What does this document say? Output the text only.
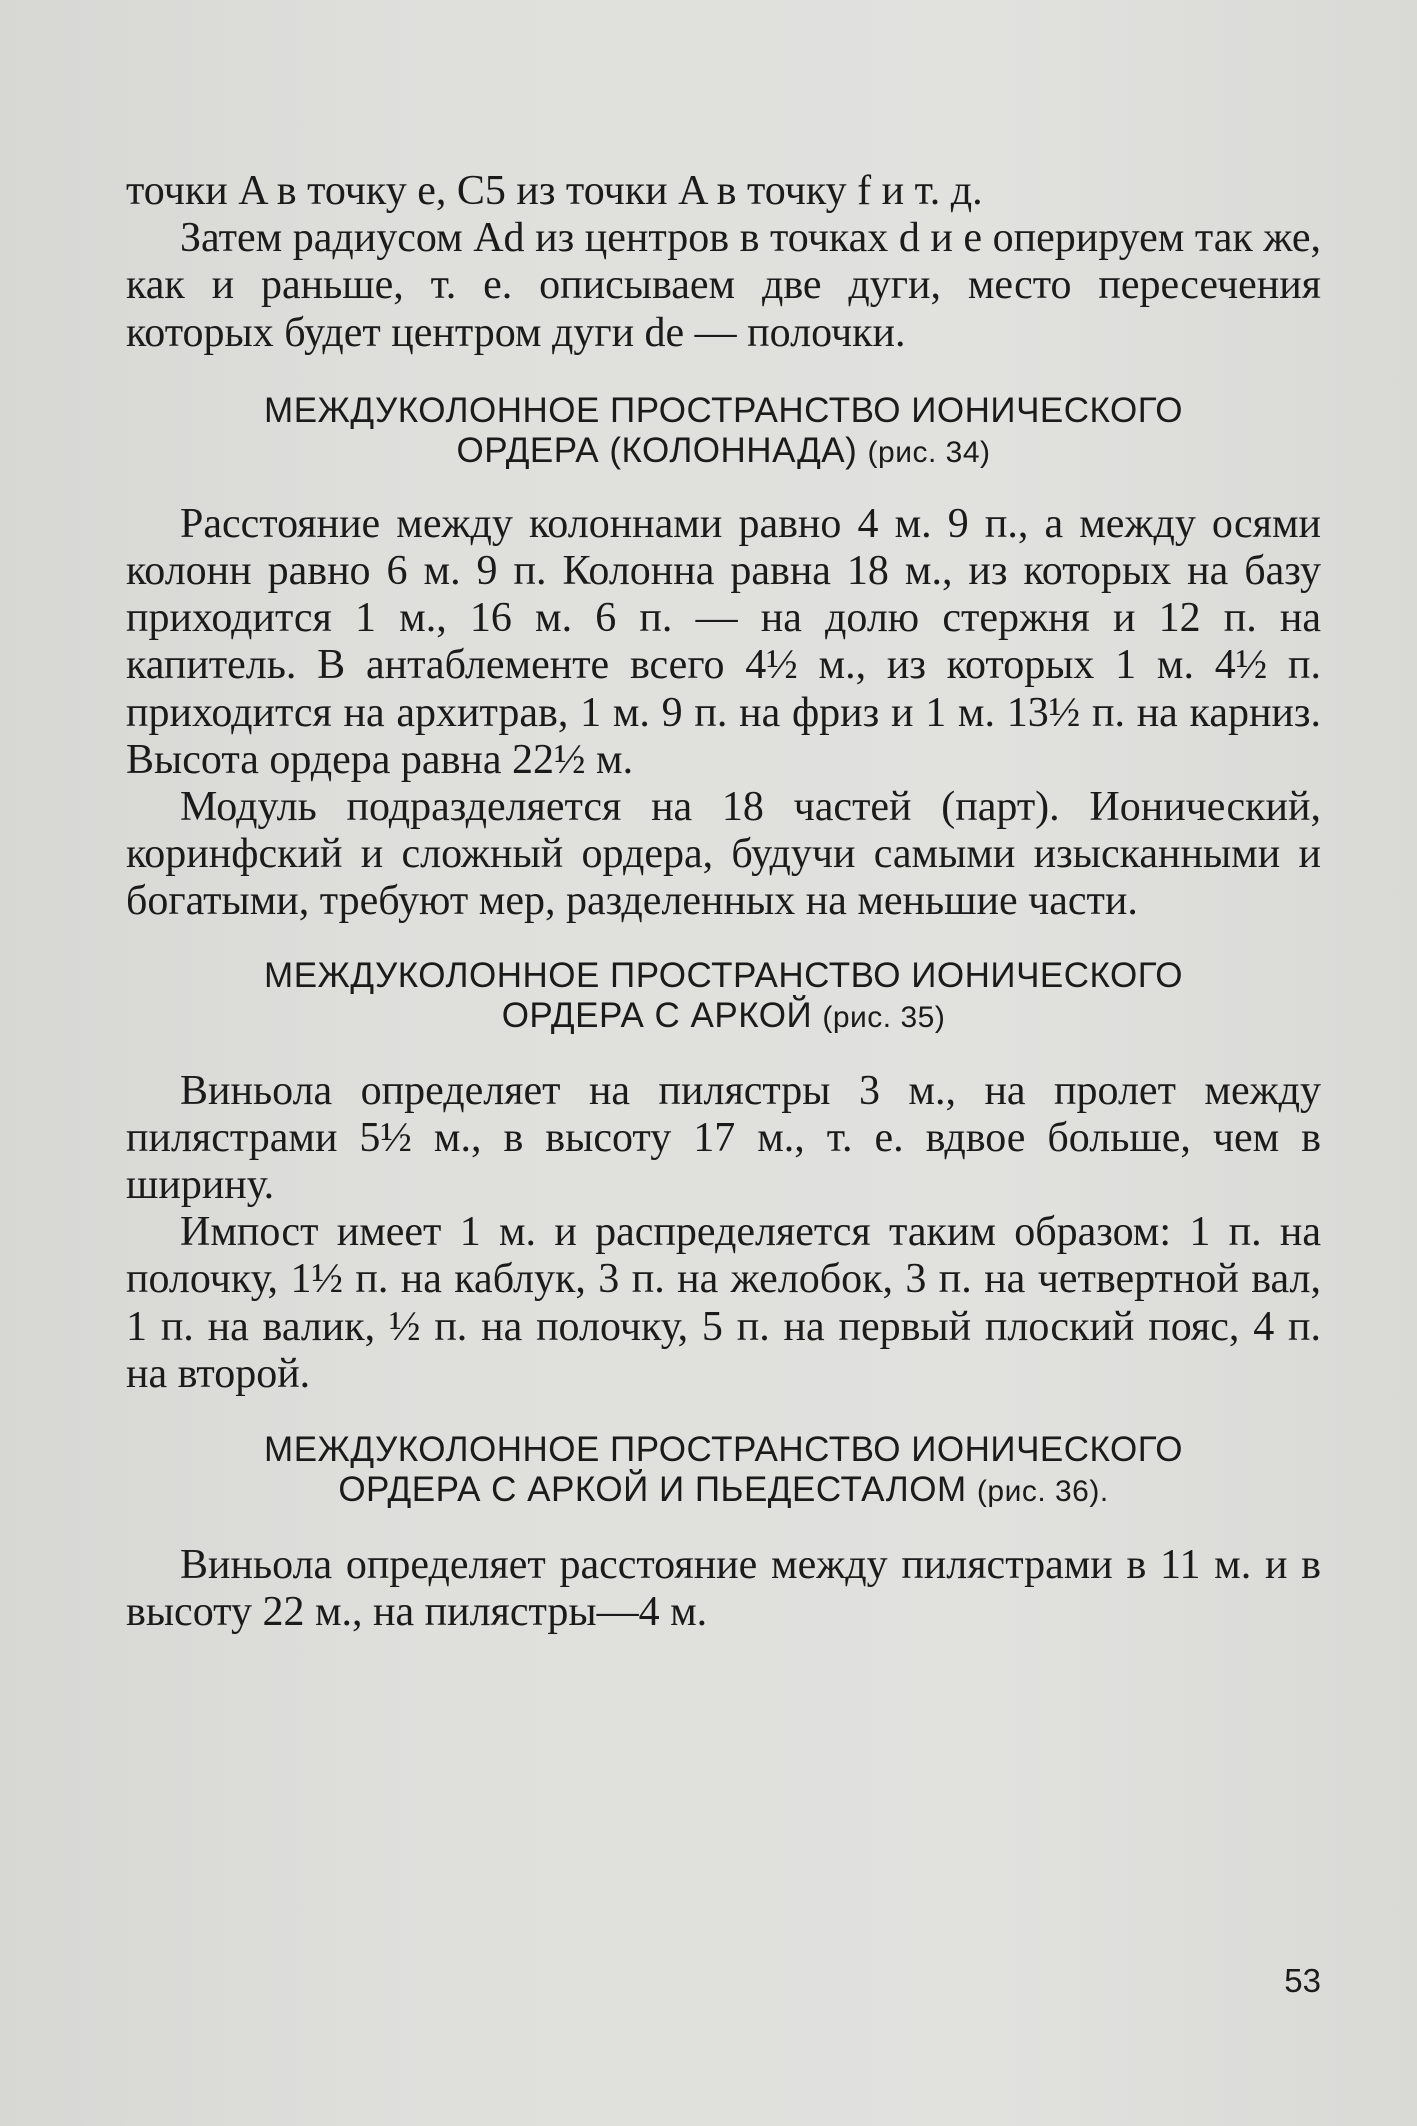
точки A в точку e, C5 из точки A в точку f и т. д.

Затем радиусом Ad из центров в точках d и e оперируем так же, как и раньше, т. е. описываем две дуги, место пересечения которых будет центром дуги de — полочки.

МЕЖДУКОЛОННОЕ ПРОСТРАНСТВО ИОНИЧЕСКОГО
ОРДЕРА (КОЛОННАДА) (рис. 34)

Расстояние между колоннами равно 4 м. 9 п., а между осями колонн равно 6 м. 9 п. Колонна равна 18 м., из которых на базу приходится 1 м., 16 м. 6 п. — на долю стержня и 12 п. на капитель. В антаблементе всего 4½ м., из которых 1 м. 4½ п. приходится на архитрав, 1 м. 9 п. на фриз и 1 м. 13½ п. на карниз. Высота ордера равна 22½ м.

Модуль подразделяется на 18 частей (парт). Ионический, коринфский и сложный ордера, будучи самыми изысканными и богатыми, требуют мер, разделенных на меньшие части.

МЕЖДУКОЛОННОЕ ПРОСТРАНСТВО ИОНИЧЕСКОГО
ОРДЕРА С АРКОЙ (рис. 35)

Виньола определяет на пилястры 3 м., на пролет между пилястрами 5½ м., в высоту 17 м., т. е. вдвое больше, чем в ширину.

Импост имеет 1 м. и распределяется таким образом: 1 п. на полочку, 1½ п. на каблук, 3 п. на желобок, 3 п. на четвертной вал, 1 п. на валик, ½ п. на полочку, 5 п. на первый плоский пояс, 4 п. на второй.

МЕЖДУКОЛОННОЕ ПРОСТРАНСТВО ИОНИЧЕСКОГО
ОРДЕРА С АРКОЙ И ПЬЕДЕСТАЛОМ (рис. 36).

Виньола определяет расстояние между пилястрами в 11 м. и в высоту 22 м., на пилястры—4 м.

53
